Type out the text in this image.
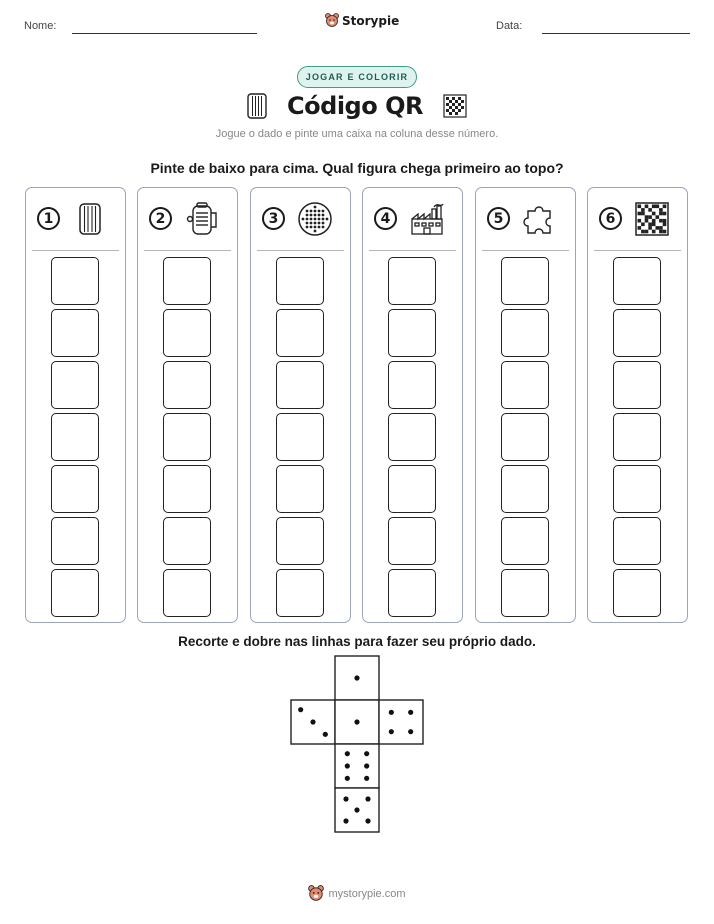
Nome:	Storypie	Data:
JOGAR E COLORIR
Código QR
Jogue o dado e pinte uma caixa na coluna desse número.
Pinte de baixo para cima. Qual figura chega primeiro ao topo?
1	2	3	4	5	6
Recorte e dobre nas linhas para fazer seu próprio dado.
mystorypie.com
